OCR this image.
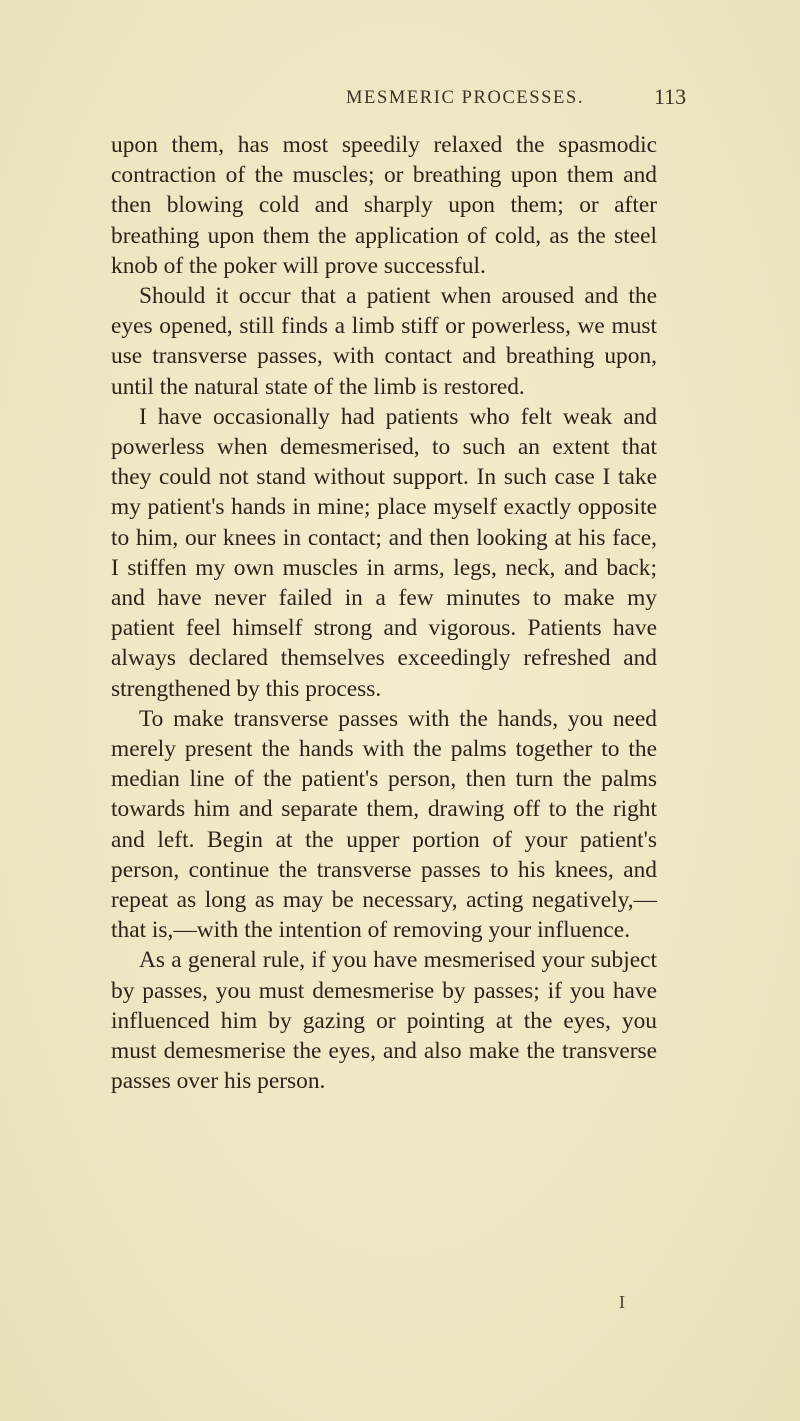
MESMERIC PROCESSES.	113

upon them, has most speedily relaxed the spasmodic contraction of the muscles; or breathing upon them and then blowing cold and sharply upon them; or after breathing upon them the application of cold, as the steel knob of the poker will prove successful.

Should it occur that a patient when aroused and the eyes opened, still finds a limb stiff or powerless, we must use transverse passes, with contact and breathing upon, until the natural state of the limb is restored.

I have occasionally had patients who felt weak and powerless when demesmerised, to such an extent that they could not stand without support. In such case I take my patient's hands in mine; place myself exactly opposite to him, our knees in contact; and then looking at his face, I stiffen my own muscles in arms, legs, neck, and back; and have never failed in a few minutes to make my patient feel himself strong and vigorous. Patients have always declared themselves exceedingly refreshed and strengthened by this process.

To make transverse passes with the hands, you need merely present the hands with the palms together to the median line of the patient's person, then turn the palms towards him and separate them, drawing off to the right and left. Begin at the upper portion of your patient's person, continue the transverse passes to his knees, and repeat as long as may be necessary, acting negatively,—that is,—with the intention of removing your influence.

As a general rule, if you have mesmerised your subject by passes, you must demesmerise by passes; if you have influenced him by gazing or pointing at the eyes, you must demesmerise the eyes, and also make the transverse passes over his person.

I
